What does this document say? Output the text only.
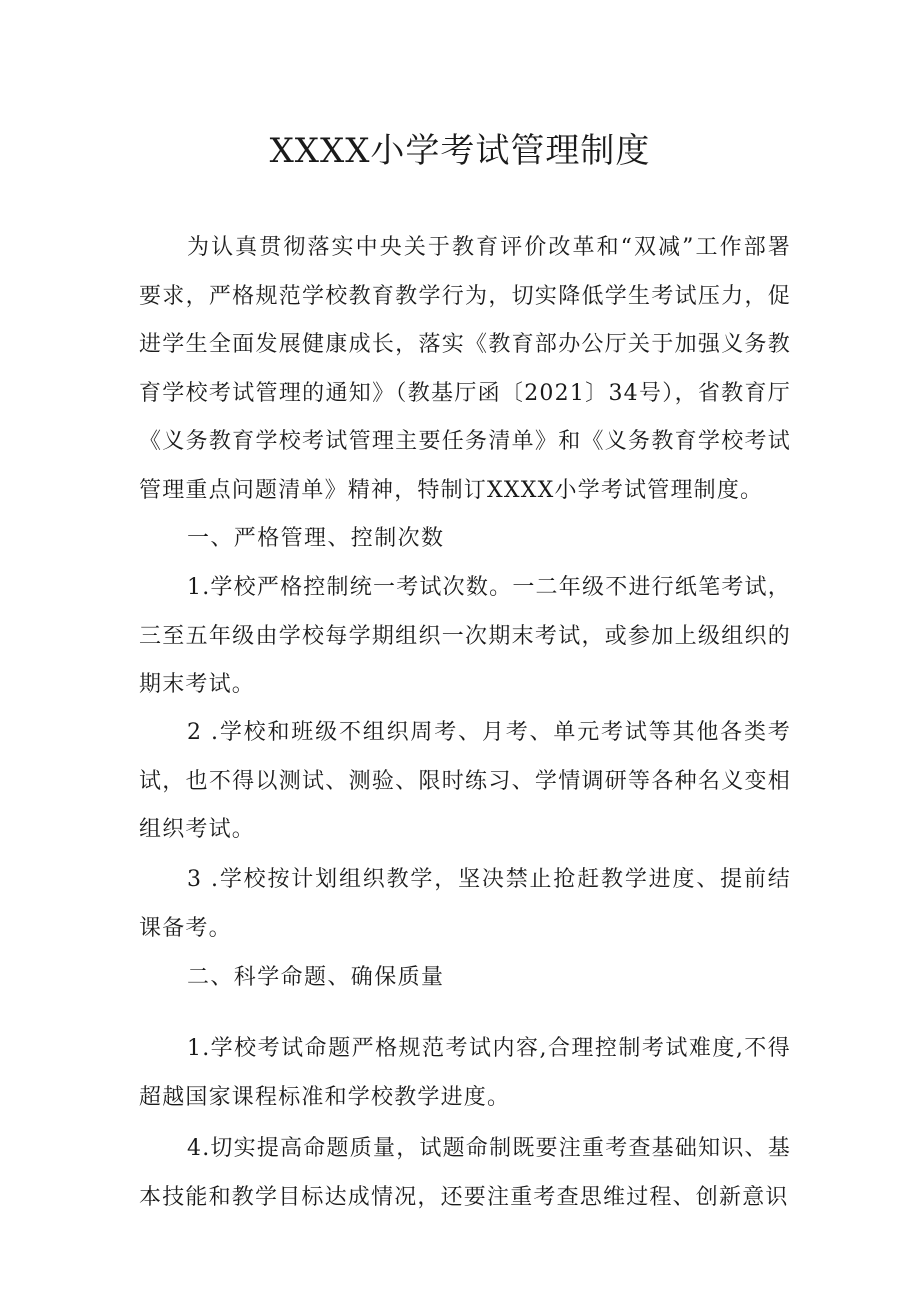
XXXX小学考试管理制度

为认真贯彻落实中央关于教育评价改革和“双减”工作部署要求，严格规范学校教育教学行为，切实降低学生考试压力，促进学生全面发展健康成长，落实《教育部办公厅关于加强义务教育学校考试管理的通知》（教基厅函〔2021〕34号），省教育厅《义务教育学校考试管理主要任务清单》和《义务教育学校考试管理重点问题清单》精神，特制订XXXX小学考试管理制度。

一、严格管理、控制次数

1.学校严格控制统一考试次数。一二年级不进行纸笔考试，三至五年级由学校每学期组织一次期末考试，或参加上级组织的期末考试。

2 .学校和班级不组织周考、月考、单元考试等其他各类考试，也不得以测试、测验、限时练习、学情调研等各种名义变相组织考试。

3 .学校按计划组织教学，坚决禁止抢赶教学进度、提前结课备考。

二、科学命题、确保质量

1.学校考试命题严格规范考试内容,合理控制考试难度,不得超越国家课程标准和学校教学进度。

4.切实提高命题质量，试题命制既要注重考查基础知识、基本技能和教学目标达成情况，还要注重考查思维过程、创新意识
